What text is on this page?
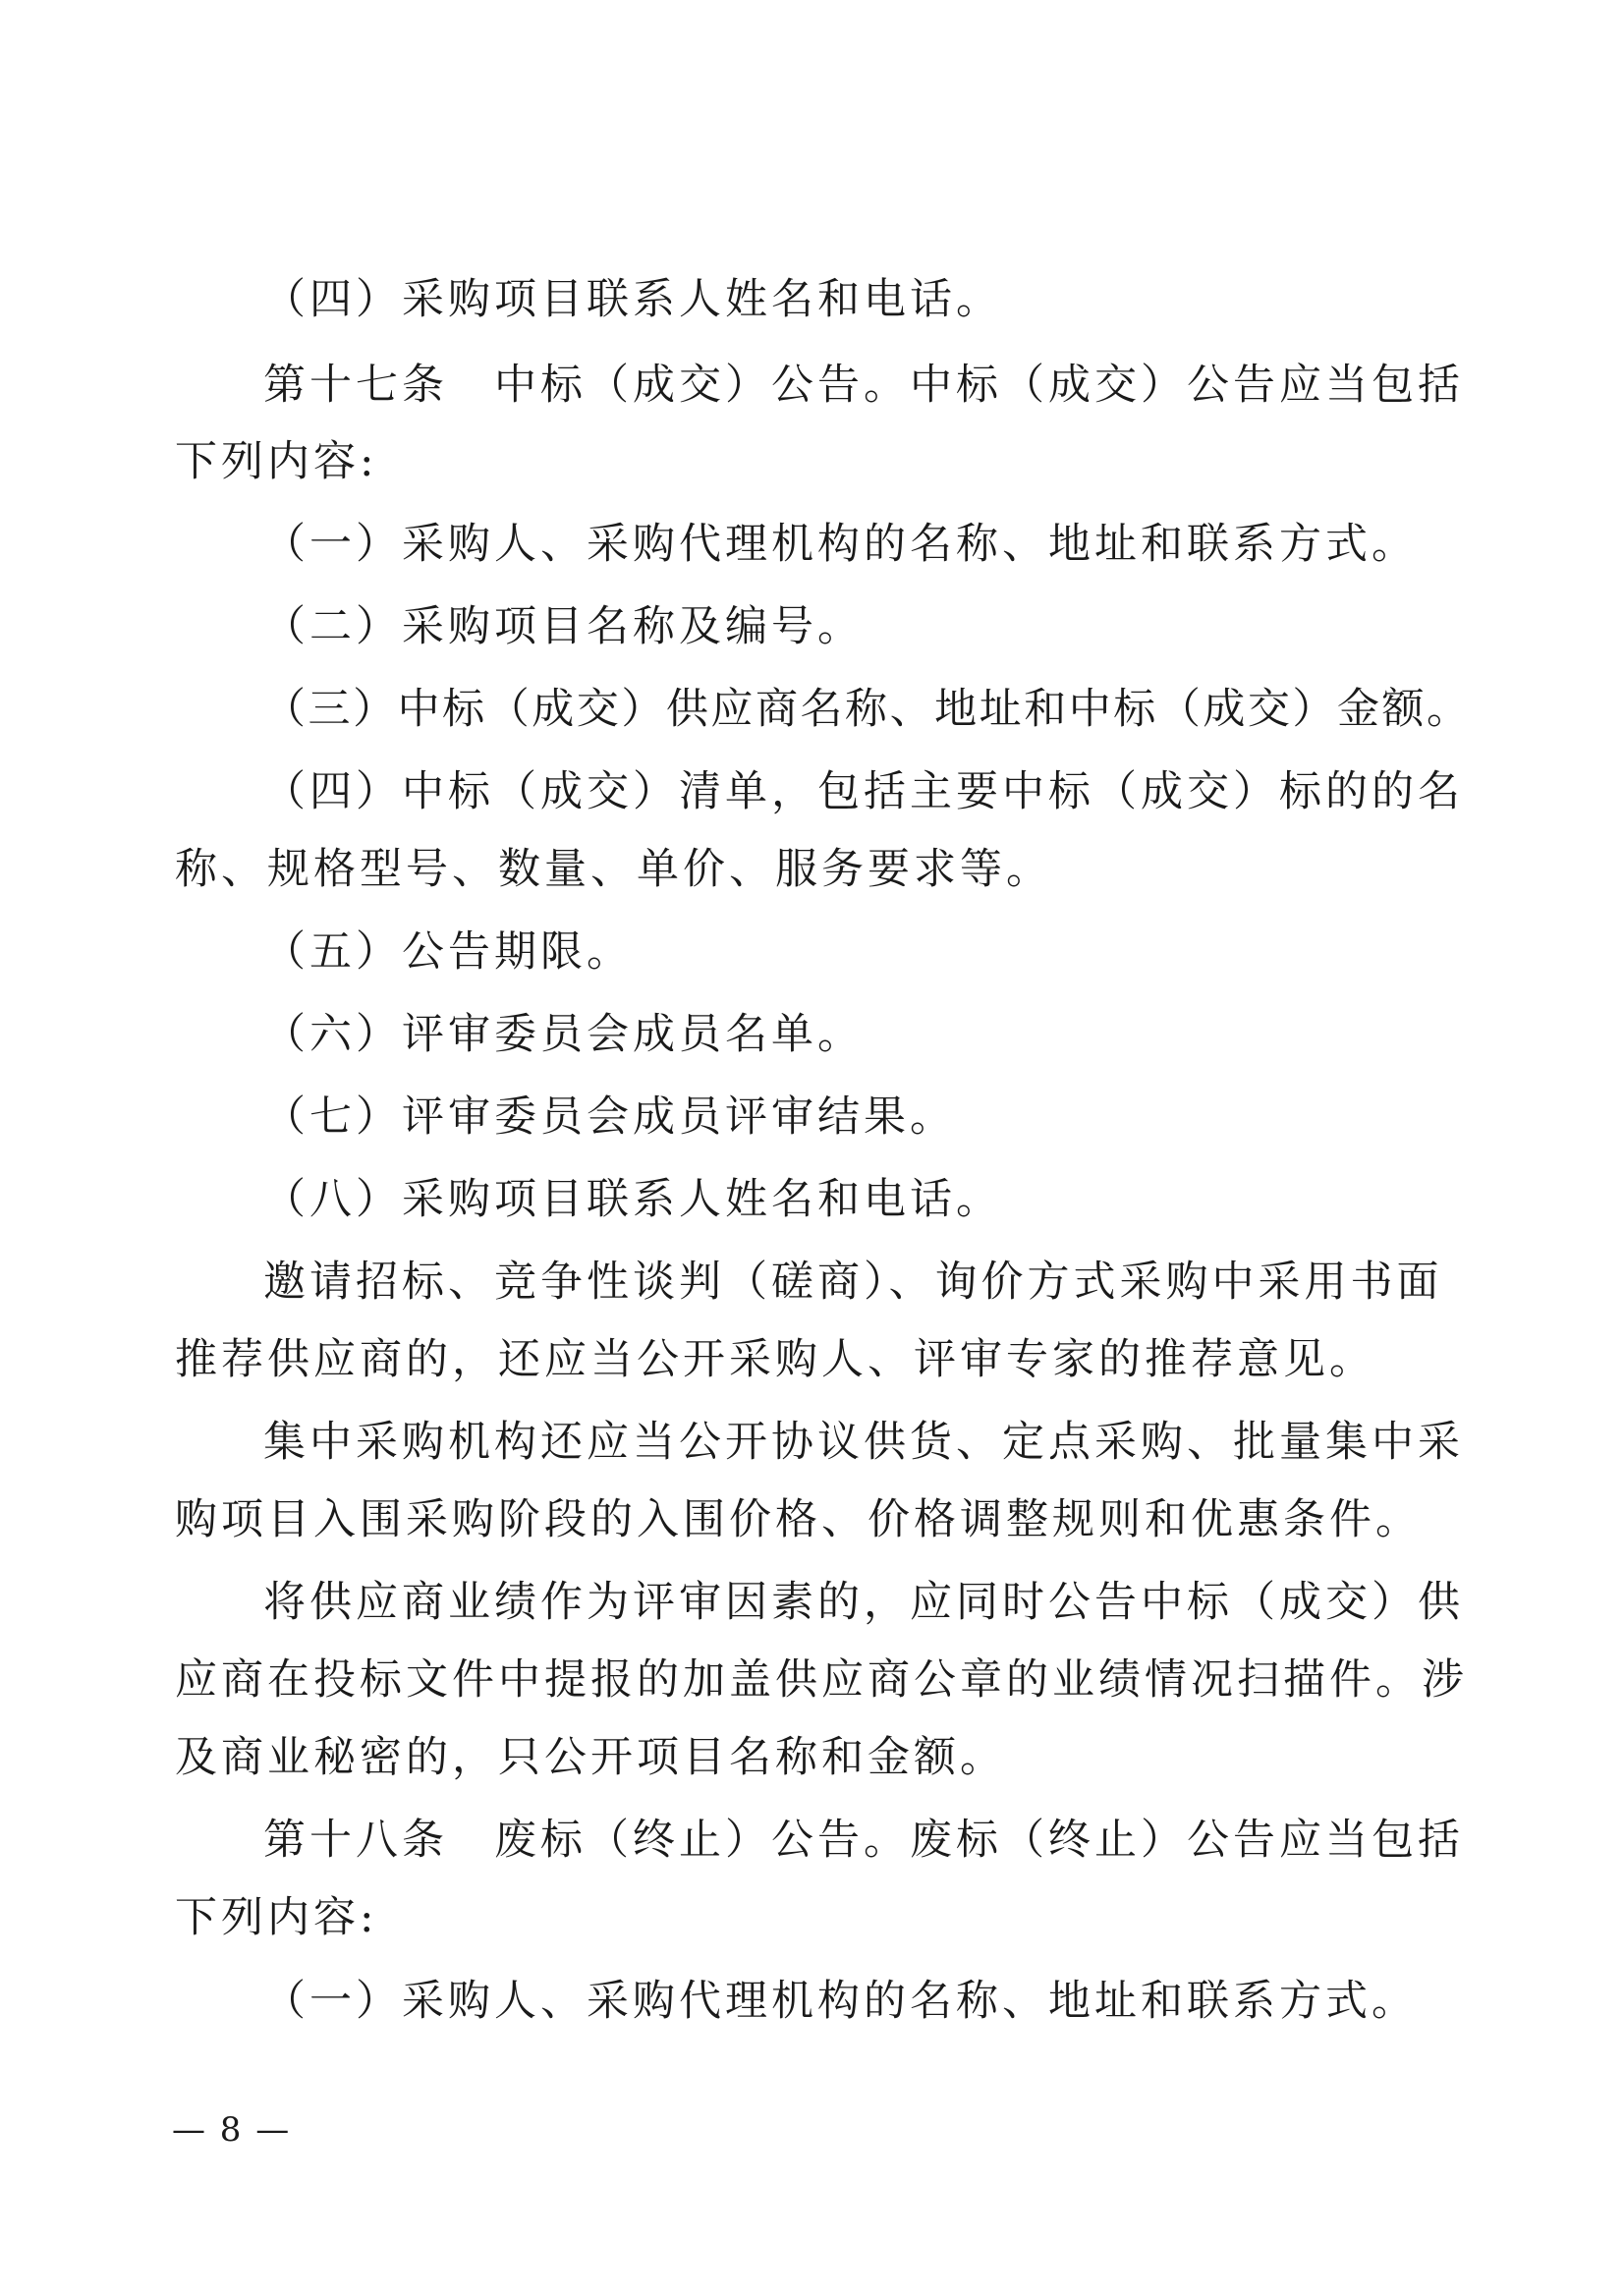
（四）采购项目联系人姓名和电话。
第十七条　中标（成交）公告。中标（成交）公告应当包括
下列内容:
（一）采购人、采购代理机构的名称、地址和联系方式。
（二）采购项目名称及编号。
（三）中标（成交）供应商名称、地址和中标（成交）金额。
（四）中标（成交）清单，包括主要中标（成交）标的的名
称、规格型号、数量、单价、服务要求等。
（五）公告期限。
（六）评审委员会成员名单。
（七）评审委员会成员评审结果。
（八）采购项目联系人姓名和电话。
邀请招标、竞争性谈判（磋商）、询价方式采购中采用书面
推荐供应商的，还应当公开采购人、评审专家的推荐意见。
集中采购机构还应当公开协议供货、定点采购、批量集中采
购项目入围采购阶段的入围价格、价格调整规则和优惠条件。
将供应商业绩作为评审因素的，应同时公告中标（成交）供
应商在投标文件中提报的加盖供应商公章的业绩情况扫描件。涉
及商业秘密的，只公开项目名称和金额。
第十八条　废标（终止）公告。废标（终止）公告应当包括
下列内容:
（一）采购人、采购代理机构的名称、地址和联系方式。
— 8 —
